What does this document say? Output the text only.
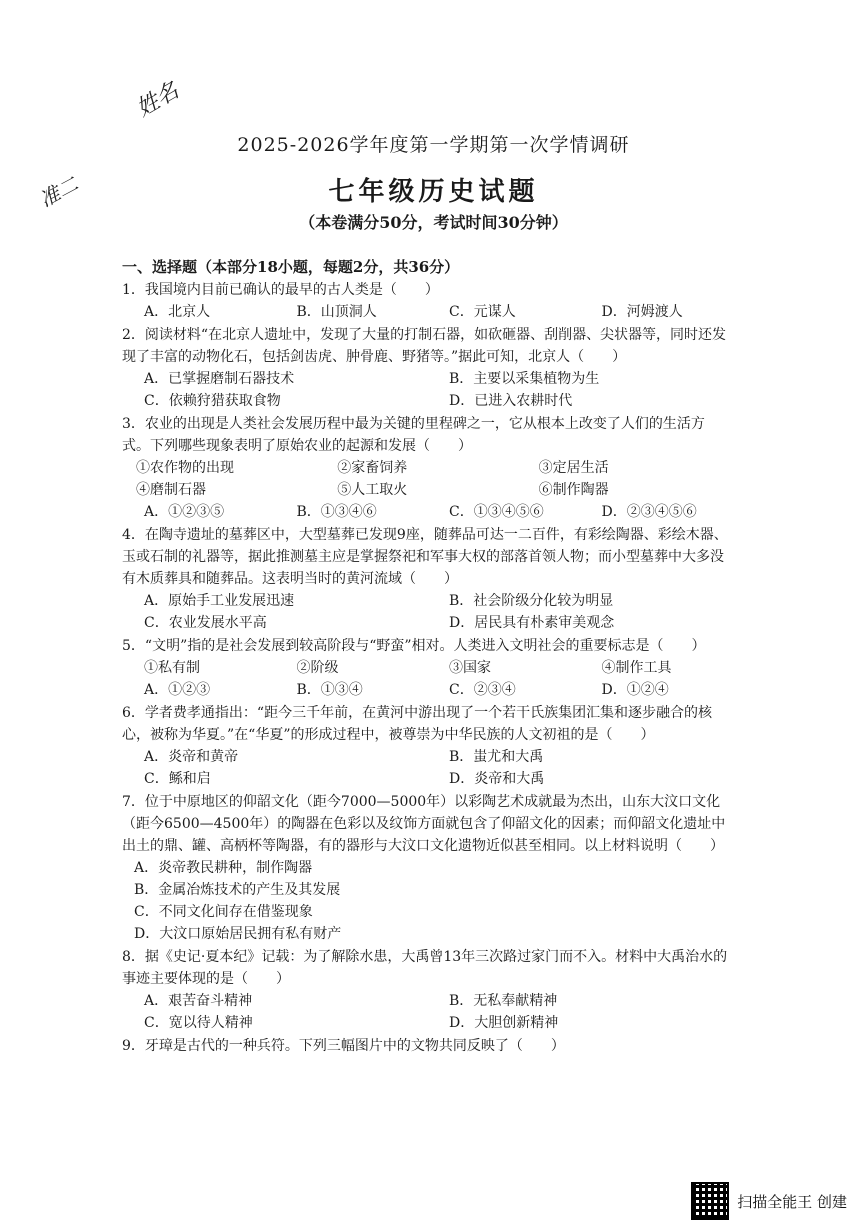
姓名
准二
2025-2026学年度第一学期第一次学情调研
七年级历史试题
（本卷满分50分，考试时间30分钟）
一、选择题（本部分18小题，每题2分，共36分）
1．我国境内目前已确认的最早的古人类是（　　）
A．北京人	B．山顶洞人	C．元谋人	D．河姆渡人
2．阅读材料“在北京人遗址中，发现了大量的打制石器，如砍砸器、刮削器、尖状器等，同时还发现了丰富的动物化石，包括剑齿虎、肿骨鹿、野猪等。”据此可知，北京人（　　）
A．已掌握磨制石器技术	B．主要以采集植物为生
C．依赖狩猎获取食物	D．已进入农耕时代
3．农业的出现是人类社会发展历程中最为关键的里程碑之一，它从根本上改变了人们的生活方式。下列哪些现象表明了原始农业的起源和发展（　　）
①农作物的出现	②家畜饲养	③定居生活
④磨制石器	⑤人工取火	⑥制作陶器
A．①②③⑤	B．①③④⑥	C．①③④⑤⑥	D．②③④⑤⑥
4．在陶寺遗址的墓葬区中，大型墓葬已发现9座，随葬品可达一二百件，有彩绘陶器、彩绘木器、玉或石制的礼器等，据此推测墓主应是掌握祭祀和军事大权的部落首领人物；而小型墓葬中大多没有木质葬具和随葬品。这表明当时的黄河流域（　　）
A．原始手工业发展迅速	B．社会阶级分化较为明显
C．农业发展水平高	D．居民具有朴素审美观念
5．“文明”指的是社会发展到较高阶段与“野蛮”相对。人类进入文明社会的重要标志是（　　）
①私有制	②阶级	③国家	④制作工具
A．①②③	B．①③④	C．②③④	D．①②④
6．学者费孝通指出：“距今三千年前，在黄河中游出现了一个若干氏族集团汇集和逐步融合的核心，被称为华夏。”在“华夏”的形成过程中，被尊崇为中华民族的人文初祖的是（　　）
A．炎帝和黄帝	B．蚩尤和大禹
C．鲧和启	D．炎帝和大禹
7．位于中原地区的仰韶文化（距今7000—5000年）以彩陶艺术成就最为杰出，山东大汶口文化（距今6500—4500年）的陶器在色彩以及纹饰方面就包含了仰韶文化的因素；而仰韶文化遗址中出土的鼎、罐、高柄杯等陶器，有的器形与大汶口文化遗物近似甚至相同。以上材料说明（　　）
A．炎帝教民耕种，制作陶器
B．金属冶炼技术的产生及其发展
C．不同文化间存在借鉴现象
D．大汶口原始居民拥有私有财产
8．据《史记·夏本纪》记载：为了解除水患，大禹曾13年三次路过家门而不入。材料中大禹治水的事迹主要体现的是（　　）
A．艰苦奋斗精神	B．无私奉献精神
C．宽以待人精神	D．大胆创新精神
9．牙璋是古代的一种兵符。下列三幅图片中的文物共同反映了（　　）
扫描全能王 创建
